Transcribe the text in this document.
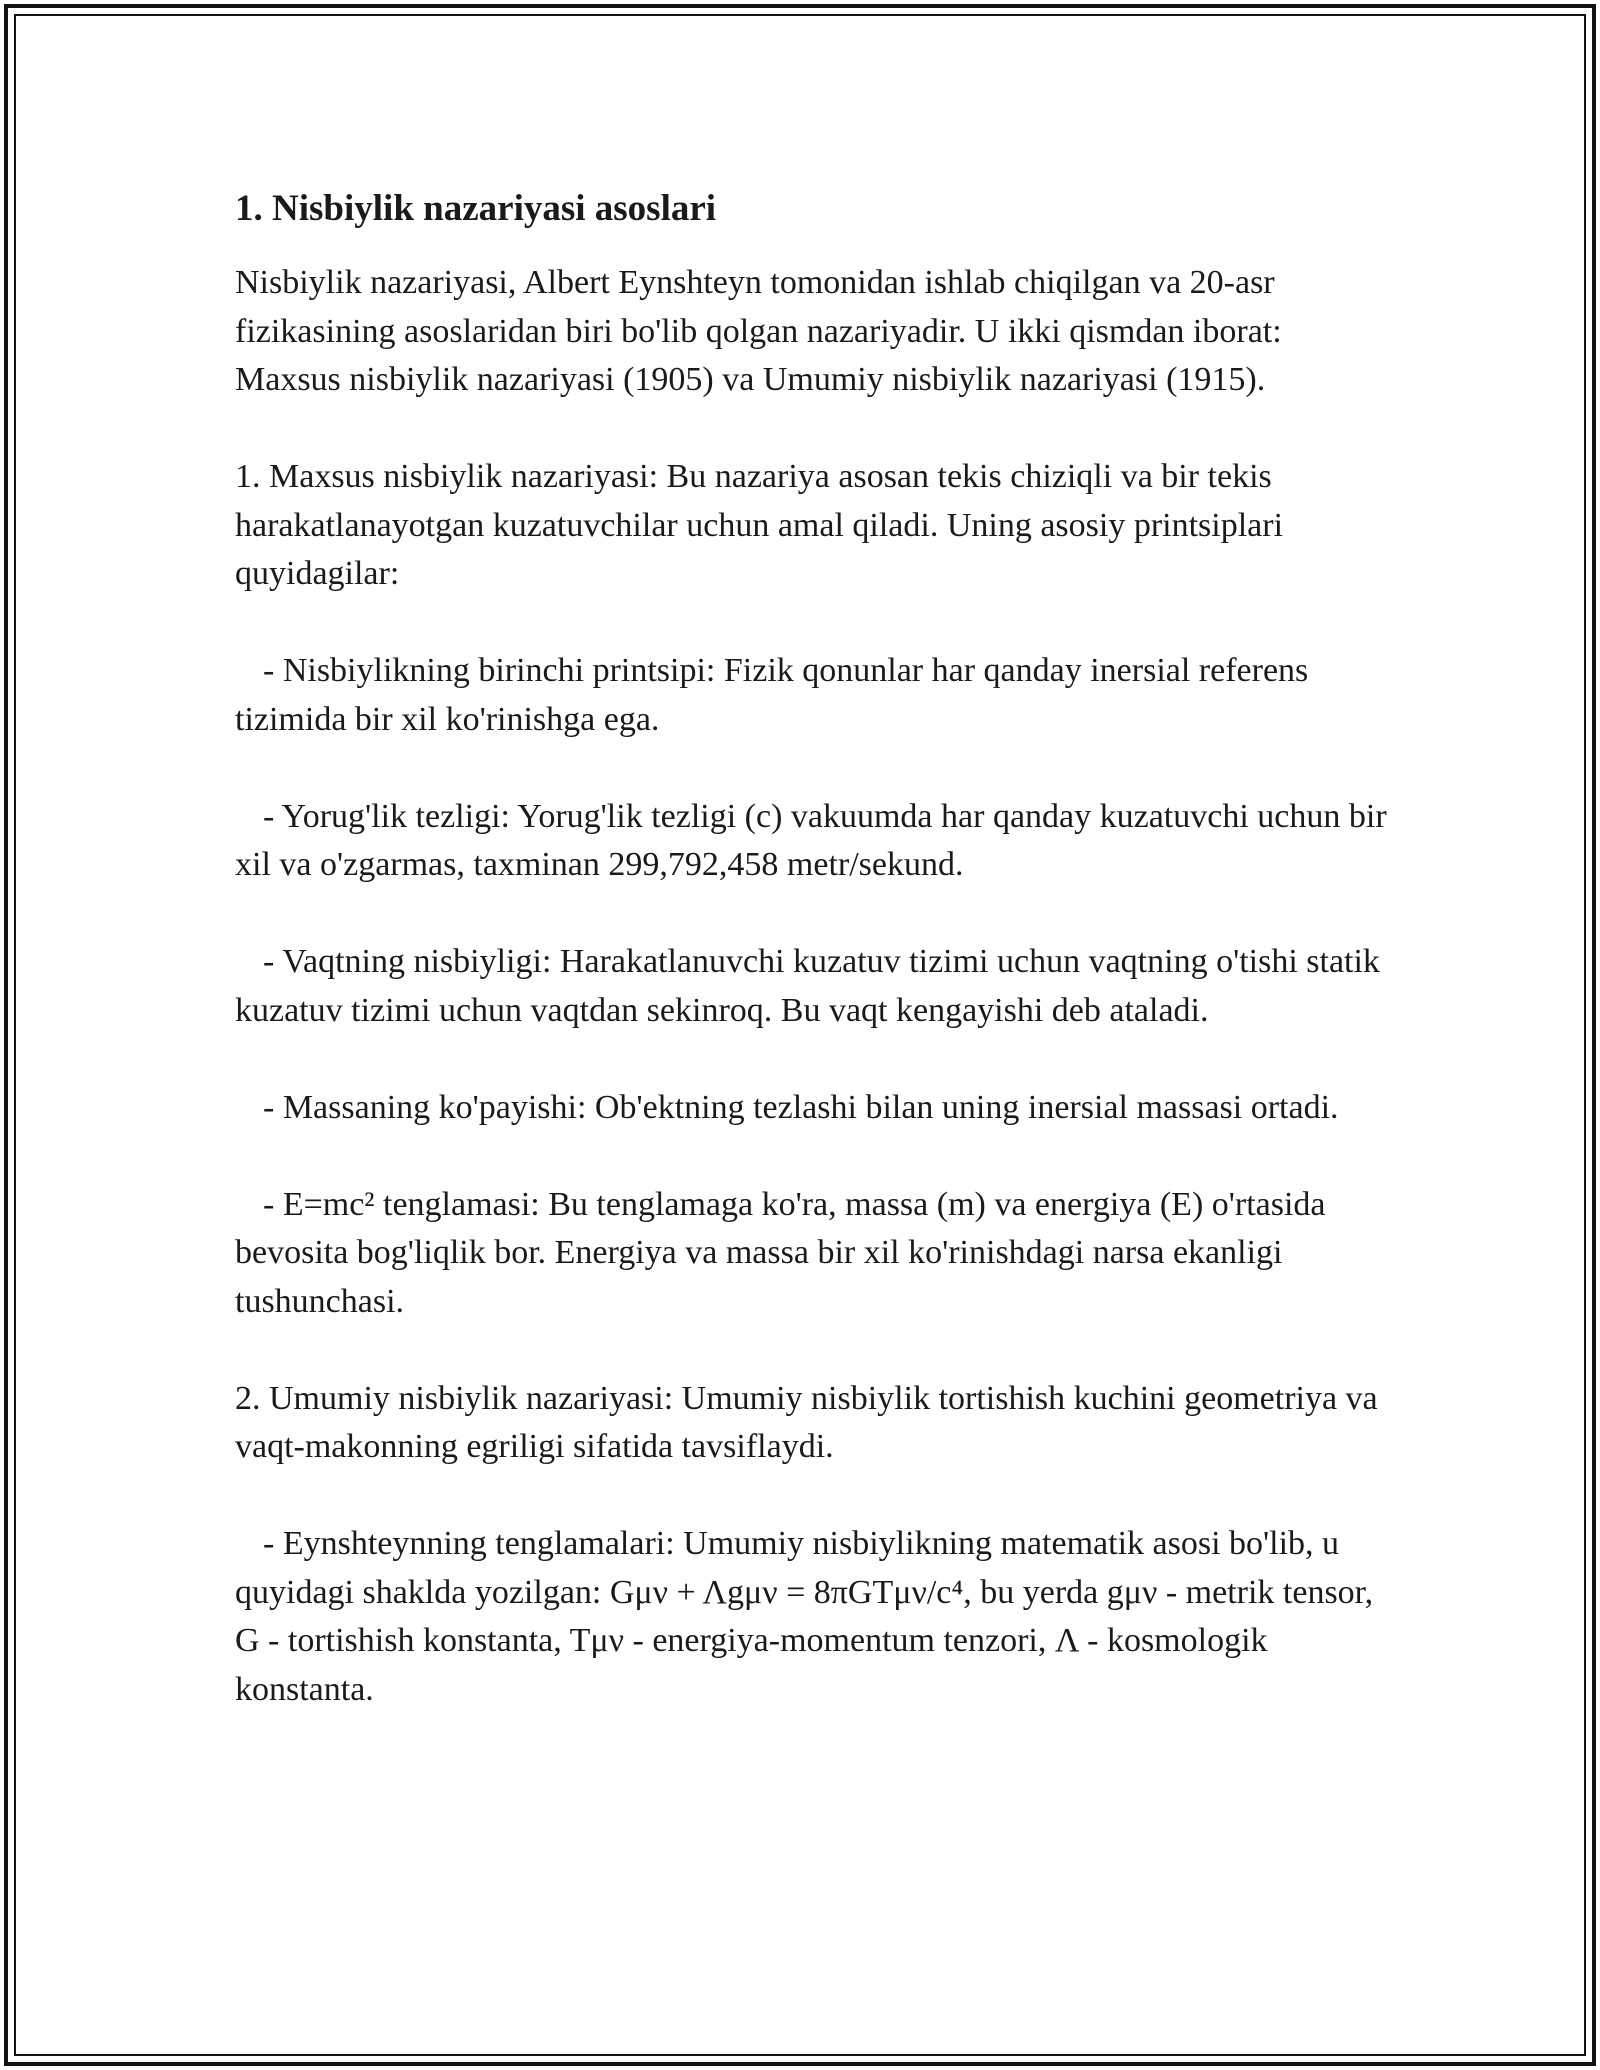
1. Nisbiylik nazariyasi asoslari

Nisbiylik nazariyasi, Albert Eynshteyn tomonidan ishlab chiqilgan va 20-asr fizikasining asoslaridan biri bo'lib qolgan nazariyadir. U ikki qismdan iborat: Maxsus nisbiylik nazariyasi (1905) va Umumiy nisbiylik nazariyasi (1915).

1. Maxsus nisbiylik nazariyasi: Bu nazariya asosan tekis chiziqli va bir tekis harakatlanayotgan kuzatuvchilar uchun amal qiladi. Uning asosiy printsiplari quyidagilar:

- Nisbiylikning birinchi printsipi: Fizik qonunlar har qanday inersial referens tizimida bir xil ko'rinishga ega.

- Yorug'lik tezligi: Yorug'lik tezligi (c) vakuumda har qanday kuzatuvchi uchun bir xil va o'zgarmas, taxminan 299,792,458 metr/sekund.

- Vaqtning nisbiyligi: Harakatlanuvchi kuzatuv tizimi uchun vaqtning o'tishi statik kuzatuv tizimi uchun vaqtdan sekinroq. Bu vaqt kengayishi deb ataladi.

- Massaning ko'payishi: Ob'ektning tezlashi bilan uning inersial massasi ortadi.

- E=mc² tenglamasi: Bu tenglamaga ko'ra, massa (m) va energiya (E) o'rtasida bevosita bog'liqlik bor. Energiya va massa bir xil ko'rinishdagi narsa ekanligi tushunchasi.

2. Umumiy nisbiylik nazariyasi: Umumiy nisbiylik tortishish kuchini geometriya va vaqt-makonning egriligi sifatida tavsiflaydi.

- Eynshteynning tenglamalari: Umumiy nisbiylikning matematik asosi bo'lib, u quyidagi shaklda yozilgan: Gμν + Λgμν = 8πGTμν/c⁴, bu yerda gμν - metrik tensor, G - tortishish konstanta, Tμν - energiya-momentum tenzori, Λ - kosmologik konstanta.
